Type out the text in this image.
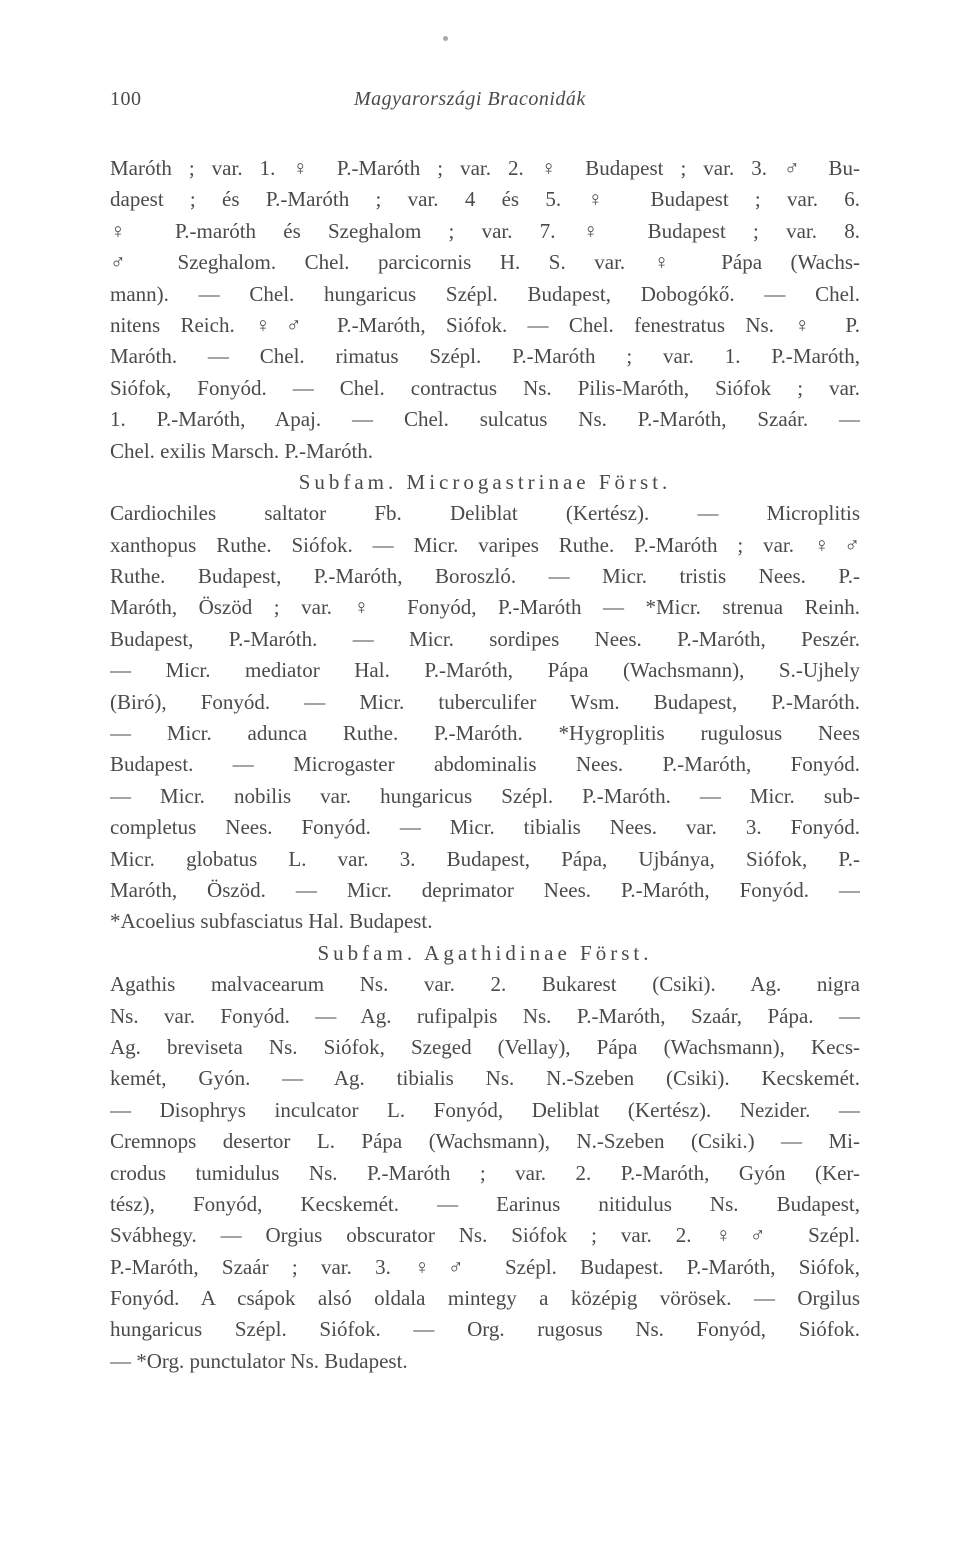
100	Magyarországi Braconidák
Maróth ; var. 1. ♀ P.-Maróth ; var. 2. ♀ Budapest ; var. 3. ♂ Bu-
dapest ; és P.-Maróth ; var. 4 és 5. ♀ Budapest ; var. 6.
♀ P.-maróth és Szeghalom ; var. 7. ♀ Budapest ; var. 8.
♂ Szeghalom. Chel. parcicornis H. S. var. ♀ Pápa (Wachs-
mann). — Chel. hungaricus Szépl. Budapest, Dobogókő. — Chel.
nitens Reich. ♀♂ P.-Maróth, Siófok. — Chel. fenestratus Ns. ♀ P.
Maróth. — Chel. rimatus Szépl. P.-Maróth ; var. 1. P.-Maróth,
Siófok, Fonyód. — Chel. contractus Ns. Pilis-Maróth, Siófok ; var.
1. P.-Maróth, Apaj. — Chel. sulcatus Ns. P.-Maróth, Szaár. —
Chel. exilis Marsch. P.-Maróth.
Subfam. Microgastrinae Först.
Cardiochiles saltator Fb. Deliblat (Kertész). — Microplitis
xanthopus Ruthe. Siófok. — Micr. varipes Ruthe. P.-Maróth ; var. ♀♂
Ruthe. Budapest, P.-Maróth, Boroszló. — Micr. tristis Nees. P.-
Maróth, Öszöd ; var. ♀ Fonyód, P.-Maróth — *Micr. strenua Reinh.
Budapest, P.-Maróth. — Micr. sordipes Nees. P.-Maróth, Peszér.
— Micr. mediator Hal. P.-Maróth, Pápa (Wachsmann), S.-Ujhely
(Biró), Fonyód. — Micr. tuberculifer Wsm. Budapest, P.-Maróth.
— Micr. adunca Ruthe. P.-Maróth. *Hygroplitis rugulosus Nees
Budapest. — Microgaster abdominalis Nees. P.-Maróth, Fonyód.
— Micr. nobilis var. hungaricus Szépl. P.-Maróth. — Micr. sub-
completus Nees. Fonyód. — Micr. tibialis Nees. var. 3. Fonyód.
Micr. globatus L. var. 3. Budapest, Pápa, Ujbánya, Siófok, P.-
Maróth, Öszöd. — Micr. deprimator Nees. P.-Maróth, Fonyód. —
*Acoelius subfasciatus Hal. Budapest.
Subfam. Agathidinae Först.
Agathis malvacearum Ns. var. 2. Bukarest (Csiki). Ag. nigra
Ns. var. Fonyód. — Ag. rufipalpis Ns. P.-Maróth, Szaár, Pápa. —
Ag. breviseta Ns. Siófok, Szeged (Vellay), Pápa (Wachsmann), Kecs-
kemét, Gyón. — Ag. tibialis Ns. N.-Szeben (Csiki). Kecskemét.
— Disophrys inculcator L. Fonyód, Deliblat (Kertész). Nezider. —
Cremnops desertor L. Pápa (Wachsmann), N.-Szeben (Csiki.) — Mi-
crodus tumidulus Ns. P.-Maróth ; var. 2. P.-Maróth, Gyón (Ker-
tész), Fonyód, Kecskemét. — Earinus nitidulus Ns. Budapest,
Svábhegy. — Orgius obscurator Ns. Siófok ; var. 2. ♀♂ Szépl.
P.-Maróth, Szaár ; var. 3. ♀♂ Szépl. Budapest. P.-Maróth, Siófok,
Fonyód. A csápok alsó oldala mintegy a középig vörösek. — Orgilus
hungaricus Szépl. Siófok. — Org. rugosus Ns. Fonyód, Siófok.
— *Org. punctulator Ns. Budapest.
